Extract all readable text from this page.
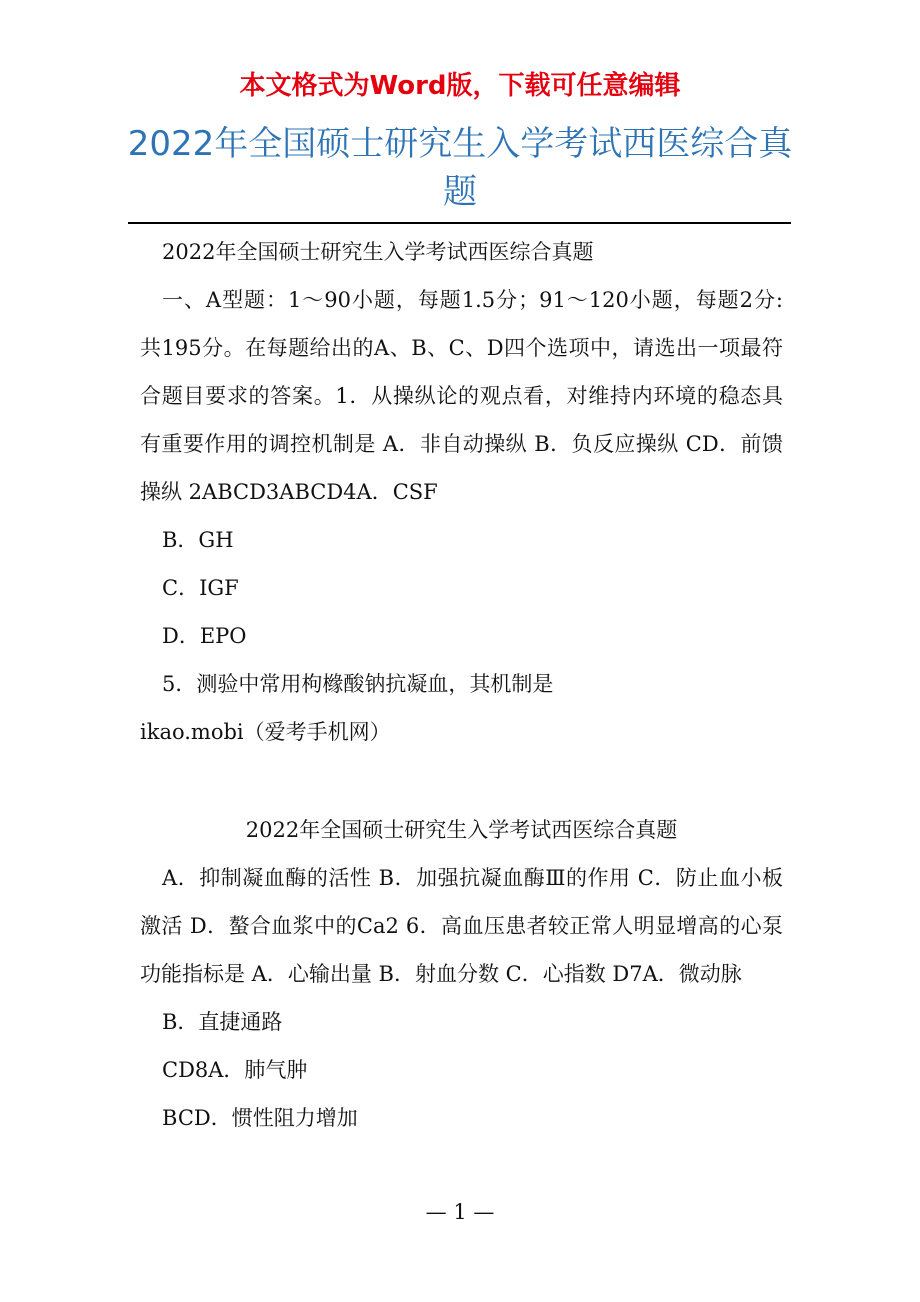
本文格式为Word版，下载可任意编辑
2022年全国硕士研究生入学考试西医综合真题

2022年全国硕士研究生入学考试西医综合真题

一、A型题：1～90小题，每题1.5分；91～120小题，每题2分: 共195分。在每题给出的A、B、C、D四个选项中，请选出一项最符合题目要求的答案。1．从操纵论的观点看，对维持内环境的稳态具有重要作用的调控机制是 A．非自动操纵 B．负反应操纵 CD．前馈操纵 2ABCD3ABCD4A．CSF

B．GH

C．IGF

D．EPO

5．测验中常用枸橼酸钠抗凝血，其机制是

ikao.mobi（爱考手机网）

2022年全国硕士研究生入学考试西医综合真题

A．抑制凝血酶的活性 B．加强抗凝血酶Ⅲ的作用 C．防止血小板激活 D．螯合血浆中的Ca2 6．高血压患者较正常人明显增高的心泵功能指标是 A．心输出量 B．射血分数 C．心指数 D7A．微动脉

B．直捷通路

CD8A．肺气肿

BCD．惯性阻力增加

— 1 —
